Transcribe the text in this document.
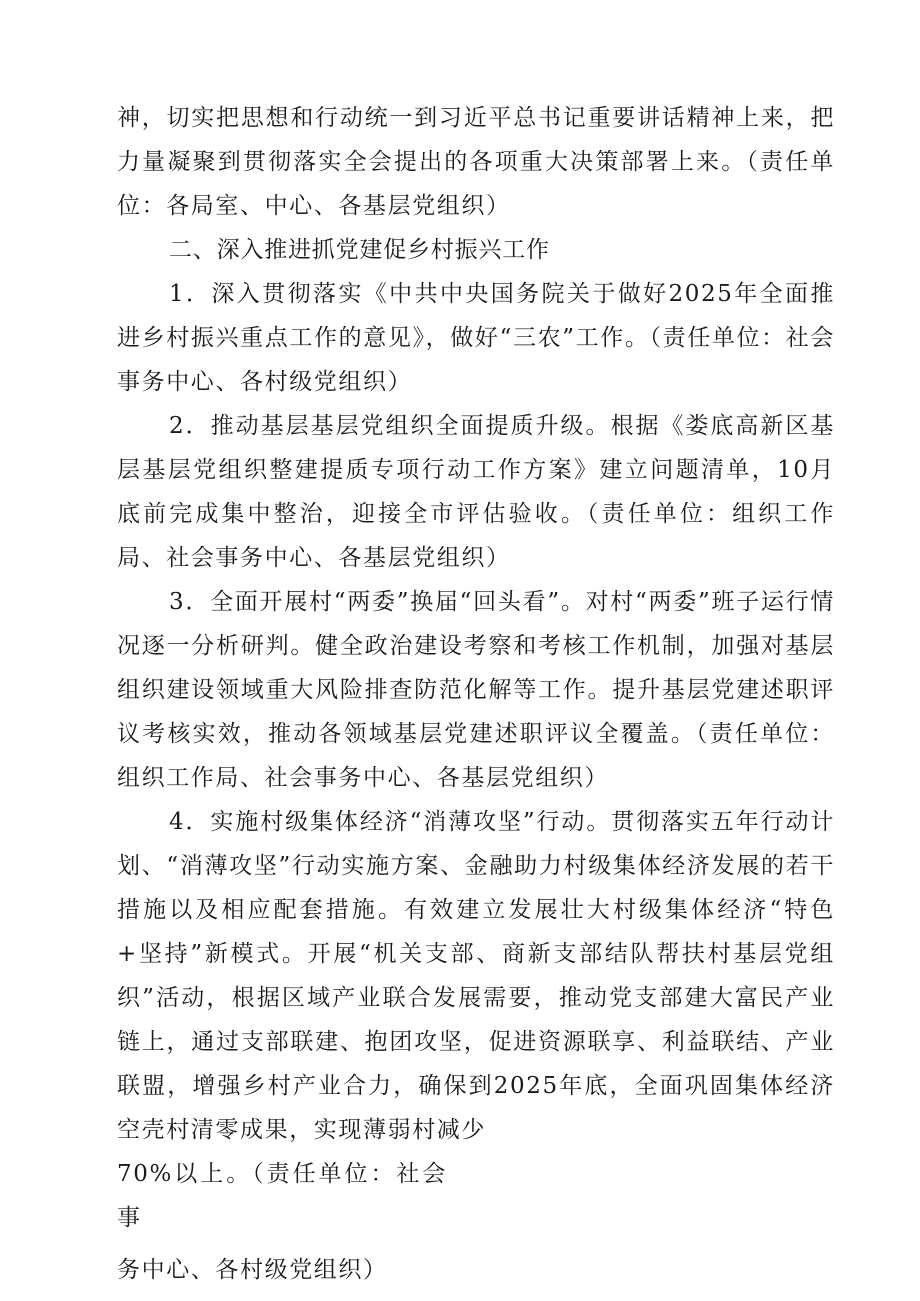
神，切实把思想和行动统一到习近平总书记重要讲话精神上来，把力量凝聚到贯彻落实全会提出的各项重大决策部署上来。（责任单位：各局室、中心、各基层党组织）

二、深入推进抓党建促乡村振兴工作

1．深入贯彻落实《中共中央国务院关于做好2025年全面推进乡村振兴重点工作的意见》，做好“三农”工作。（责任单位：社会事务中心、各村级党组织）

2．推动基层基层党组织全面提质升级。根据《娄底高新区基层基层党组织整建提质专项行动工作方案》建立问题清单，10月底前完成集中整治，迎接全市评估验收。（责任单位：组织工作局、社会事务中心、各基层党组织）

3．全面开展村“两委”换届“回头看”。对村“两委”班子运行情况逐一分析研判。健全政治建设考察和考核工作机制，加强对基层组织建设领域重大风险排查防范化解等工作。提升基层党建述职评议考核实效，推动各领域基层党建述职评议全覆盖。（责任单位：组织工作局、社会事务中心、各基层党组织）

4．实施村级集体经济“消薄攻坚”行动。贯彻落实五年行动计划、“消薄攻坚”行动实施方案、金融助力村级集体经济发展的若干措施以及相应配套措施。有效建立发展壮大村级集体经济“特色+坚持”新模式。开展“机关支部、商新支部结队帮扶村基层党组织”活动，根据区域产业联合发展需要，推动党支部建大富民产业链上，通过支部联建、抱团攻坚，促进资源联享、利益联结、产业联盟，增强乡村产业合力，确保到2025年底，全面巩固集体经济空壳村清零成果，实现薄弱村减少

70%以上。（责任单位：社会事

务中心、各村级党组织）
